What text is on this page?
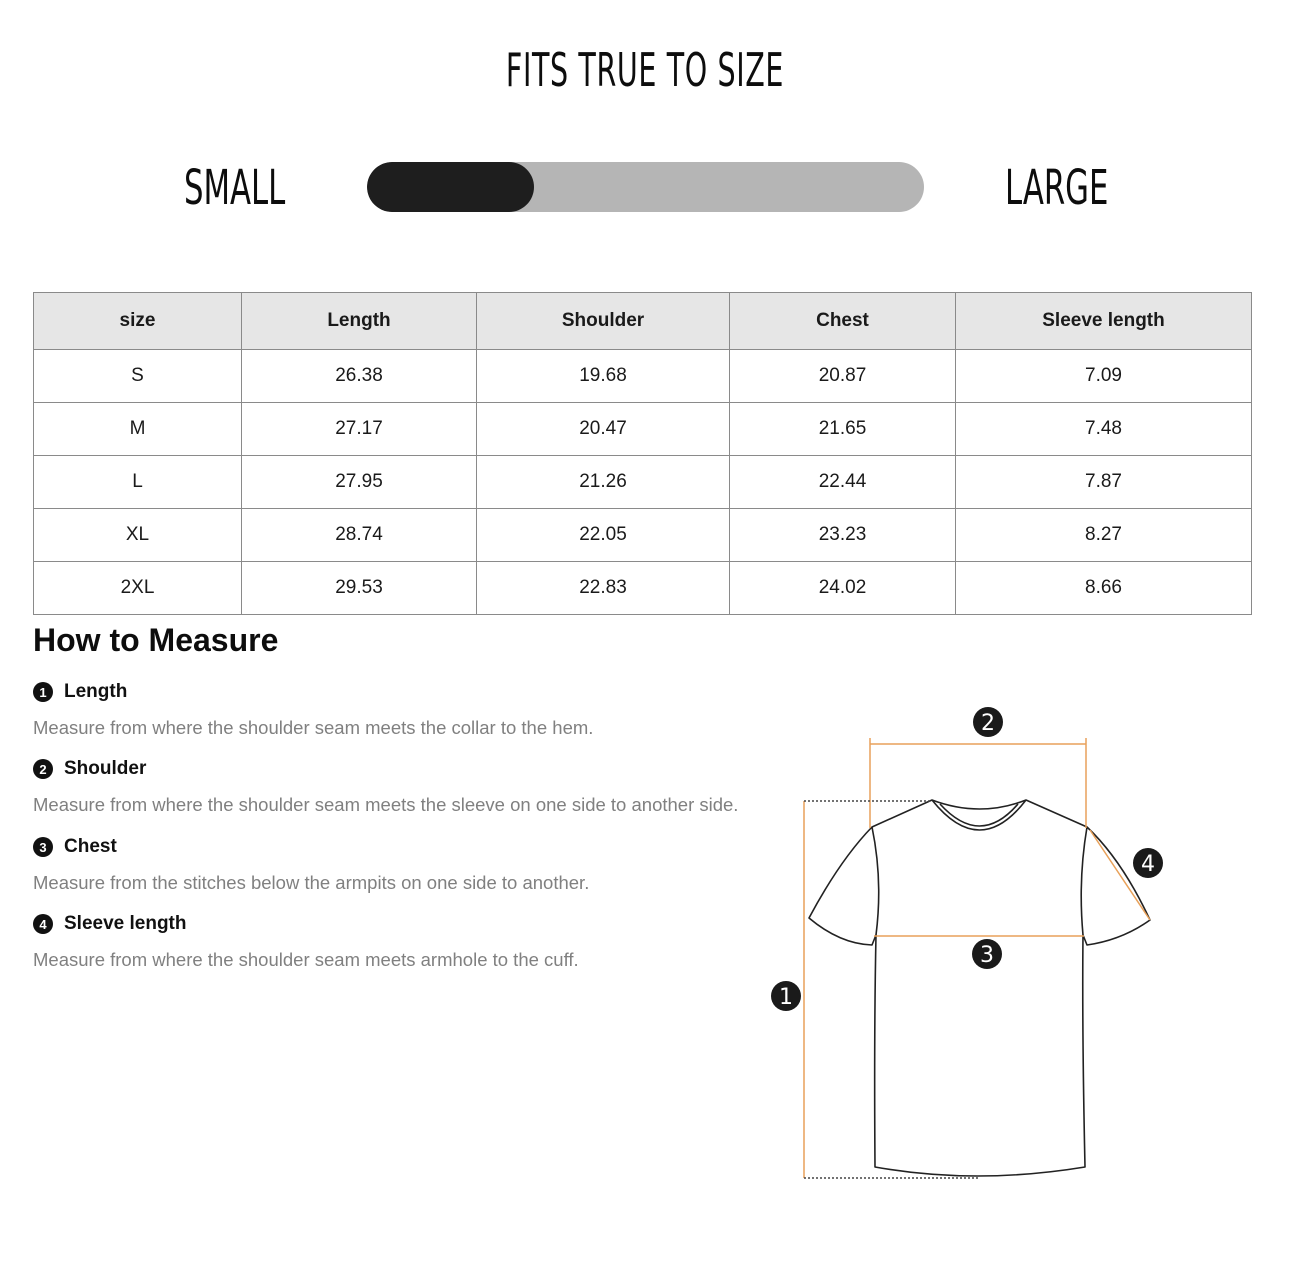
FITS TRUE TO SIZE
SMALL	LARGE
size	Length	Shoulder	Chest	Sleeve length
S	26.38	19.68	20.87	7.09
M	27.17	20.47	21.65	7.48
L	27.95	21.26	22.44	7.87
XL	28.74	22.05	23.23	8.27
2XL	29.53	22.83	24.02	8.66
How to Measure
1 Length
Measure from where the shoulder seam meets the collar to the hem.
2 Shoulder
Measure from where the shoulder seam meets the sleeve on one side to another side.
3 Chest
Measure from the stitches below the armpits on one side to another.
4 Sleeve length
Measure from where the shoulder seam meets armhole to the cuff.
2
4
3
1
